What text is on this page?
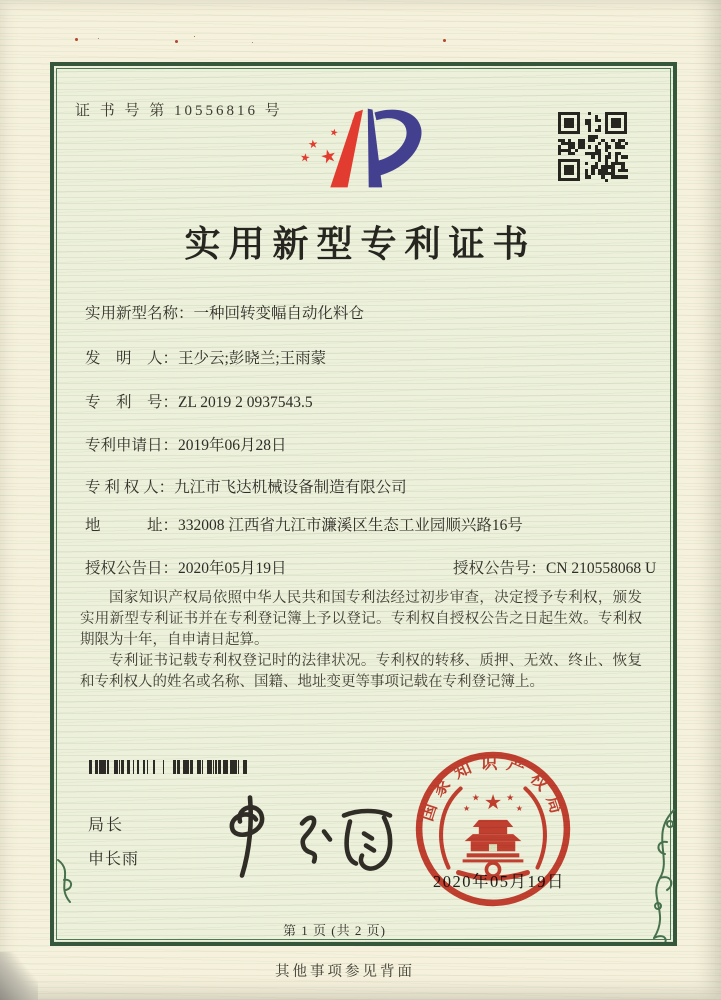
证 书 号 第 10556816 号
★
★
★
★
★
实用新型专利证书
实用新型名称：一种回转变幅自动化料仓
发　明　人：王少云;彭晓兰;王雨蒙
专　利　号：ZL 2019 2 0937543.5
专利申请日：2019年06月28日
专 利 权 人：九江市飞达机械设备制造有限公司
地　　　址：332008 江西省九江市濂溪区生态工业园顺兴路16号
授权公告日：2020年05月19日	授权公告号：CN 210558068 U

国家知识产权局依照中华人民共和国专利法经过初步审查，决定授予专利权，颁发实用新型专利证书并在专利登记簿上予以登记。专利权自授权公告之日起生效。专利权期限为十年，自申请日起算。

专利证书记载专利权登记时的法律状况。专利权的转移、质押、无效、终止、恢复和专利权人的姓名或名称、国籍、地址变更等事项记载在专利登记簿上。

局长
申长雨
国家知识产权局
★
★	★
★	★
2020年05月19日
第 1 页 (共 2 页)
其他事项参见背面
